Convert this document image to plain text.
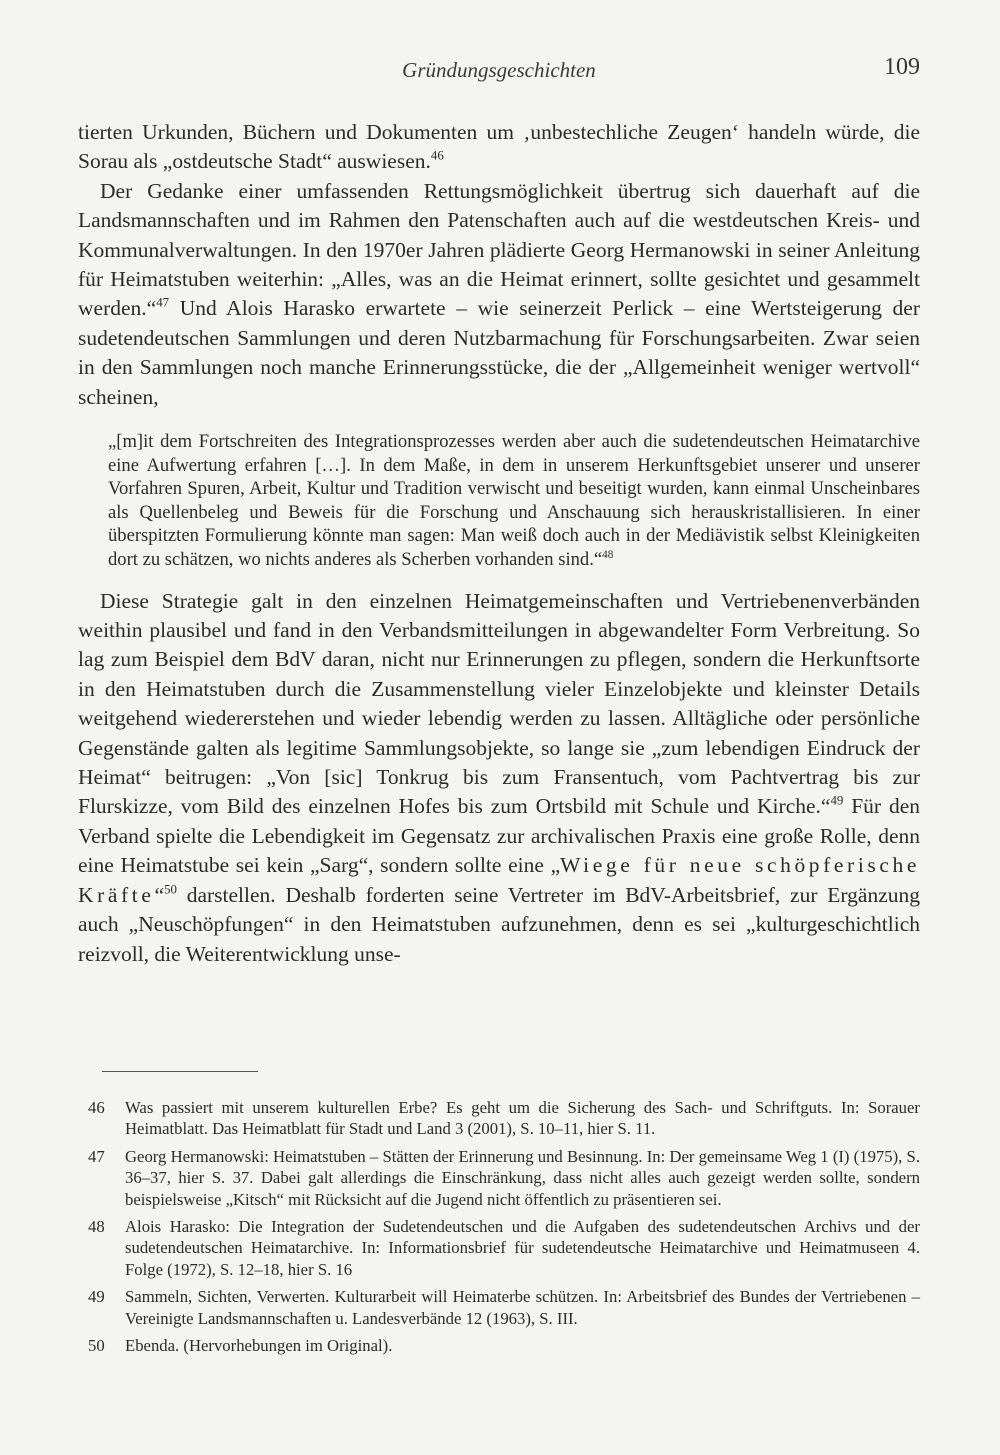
Gründungsgeschichten	109

tierten Urkunden, Büchern und Dokumenten um ‚unbestechliche Zeugen‘ handeln würde, die Sorau als „ostdeutsche Stadt“ auswiesen.$^{46}$

Der Gedanke einer umfassenden Rettungsmöglichkeit übertrug sich dauerhaft auf die Landsmannschaften und im Rahmen den Patenschaften auch auf die westdeutschen Kreis- und Kommunalverwaltungen. In den 1970er Jahren plädierte Georg Hermanowski in seiner Anleitung für Heimatstuben weiterhin: „Alles, was an die Heimat erinnert, sollte gesichtet und gesammelt werden.“$^{47}$ Und Alois Harasko erwartete – wie seinerzeit Perlick – eine Wertsteigerung der sudetendeutschen Sammlungen und deren Nutzbarmachung für Forschungsarbeiten. Zwar seien in den Sammlungen noch manche Erinnerungsstücke, die der „Allgemeinheit weniger wertvoll“ scheinen,

„[m]it dem Fortschreiten des Integrationsprozesses werden aber auch die sudetendeutschen Heimatarchive eine Aufwertung erfahren […]. In dem Maße, in dem in unserem Herkunftsgebiet unserer und unserer Vorfahren Spuren, Arbeit, Kultur und Tradition verwischt und beseitigt wurden, kann einmal Unscheinbares als Quellenbeleg und Beweis für die Forschung und Anschauung sich herauskristallisieren. In einer überspitzten Formulierung könnte man sagen: Man weiß doch auch in der Mediävistik selbst Kleinigkeiten dort zu schätzen, wo nichts anderes als Scherben vorhanden sind.“$^{48}$

Diese Strategie galt in den einzelnen Heimatgemeinschaften und Vertriebenenverbänden weithin plausibel und fand in den Verbandsmitteilungen in abgewandelter Form Verbreitung. So lag zum Beispiel dem BdV daran, nicht nur Erinnerungen zu pflegen, sondern die Herkunftsorte in den Heimatstuben durch die Zusammenstellung vieler Einzelobjekte und kleinster Details weitgehend wiedererstehen und wieder lebendig werden zu lassen. Alltägliche oder persönliche Gegenstände galten als legitime Sammlungsobjekte, so lange sie „zum lebendigen Eindruck der Heimat“ beitrugen: „Von [sic] Tonkrug bis zum Fransentuch, vom Pachtvertrag bis zur Flurskizze, vom Bild des einzelnen Hofes bis zum Ortsbild mit Schule und Kirche.“$^{49}$ Für den Verband spielte die Lebendigkeit im Gegensatz zur archivalischen Praxis eine große Rolle, denn eine Heimatstube sei kein „Sarg“, sondern sollte eine „Wiege für neue schöpferische Kräfte“$^{50}$ darstellen. Deshalb forderten seine Vertreter im BdV-Arbeitsbrief, zur Ergänzung auch „Neuschöpfungen“ in den Heimatstuben aufzunehmen, denn es sei „kulturgeschichtlich reizvoll, die Weiterentwicklung unse-

46	Was passiert mit unserem kulturellen Erbe? Es geht um die Sicherung des Sach- und Schriftguts. In: Sorauer Heimatblatt. Das Heimatblatt für Stadt und Land 3 (2001), S. 10–11, hier S. 11.
47	Georg Hermanowski: Heimatstuben – Stätten der Erinnerung und Besinnung. In: Der gemeinsame Weg 1 (I) (1975), S. 36–37, hier S. 37. Dabei galt allerdings die Einschränkung, dass nicht alles auch gezeigt werden sollte, sondern beispielsweise „Kitsch“ mit Rücksicht auf die Jugend nicht öffentlich zu präsentieren sei.
48	Alois Harasko: Die Integration der Sudetendeutschen und die Aufgaben des sudetendeutschen Archivs und der sudetendeutschen Heimatarchive. In: Informationsbrief für sudetendeutsche Heimatarchive und Heimatmuseen 4. Folge (1972), S. 12–18, hier S. 16
49	Sammeln, Sichten, Verwerten. Kulturarbeit will Heimaterbe schützen. In: Arbeitsbrief des Bundes der Vertriebenen – Vereinigte Landsmannschaften u. Landesverbände 12 (1963), S. III.
50	Ebenda. (Hervorhebungen im Original).
